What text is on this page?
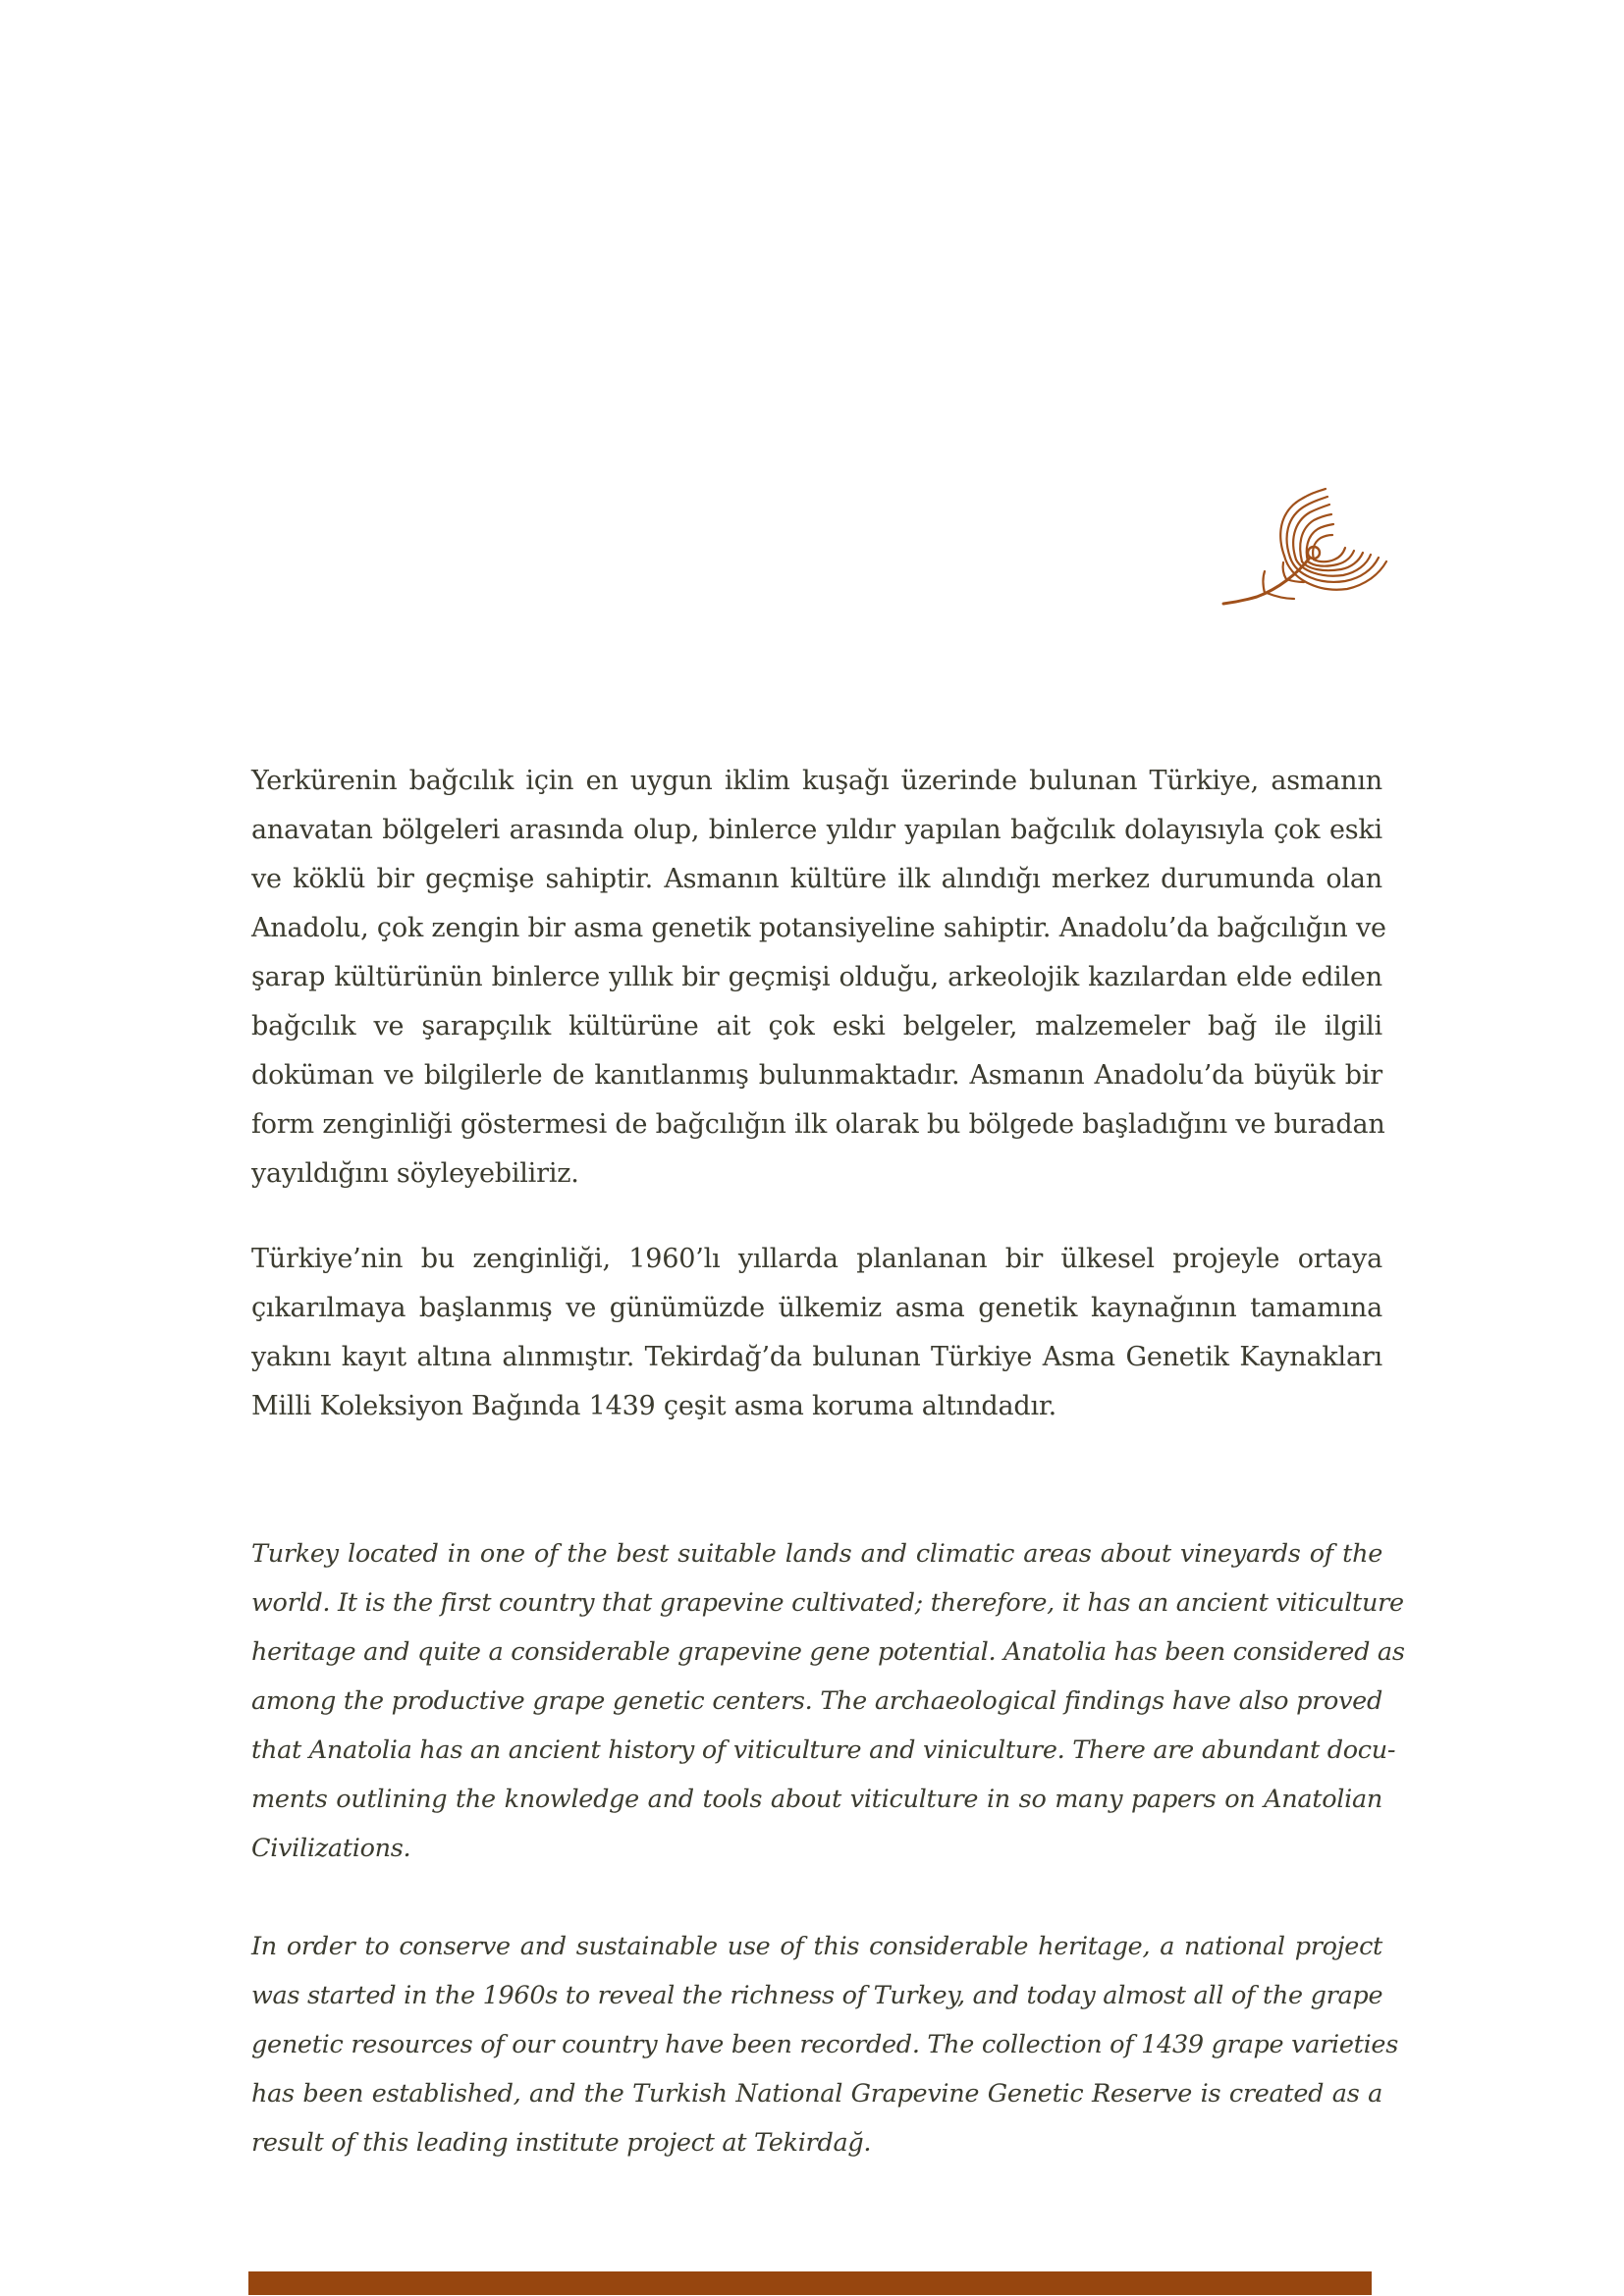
Yerkürenin bağcılık için en uygun iklim kuşağı üzerinde bulunan Türkiye, asmanın
anavatan bölgeleri arasında olup, binlerce yıldır yapılan bağcılık dolayısıyla çok eski
ve köklü bir geçmişe sahiptir. Asmanın kültüre ilk alındığı merkez durumunda olan
Anadolu, çok zengin bir asma genetik potansiyeline sahiptir. Anadolu’da bağcılığın ve
şarap kültürünün binlerce yıllık bir geçmişi olduğu, arkeolojik kazılardan elde edilen
bağcılık ve şarapçılık kültürüne ait çok eski belgeler, malzemeler bağ ile ilgili
doküman ve bilgilerle de kanıtlanmış bulunmaktadır. Asmanın Anadolu’da büyük bir
form zenginliği göstermesi de bağcılığın ilk olarak bu bölgede başladığını ve buradan
yayıldığını söyleyebiliriz.
Türkiye’nin bu zenginliği, 1960’lı yıllarda planlanan bir ülkesel projeyle ortaya
çıkarılmaya başlanmış ve günümüzde ülkemiz asma genetik kaynağının tamamına
yakını kayıt altına alınmıştır. Tekirdağ’da bulunan Türkiye Asma Genetik Kaynakları
Milli Koleksiyon Bağında 1439 çeşit asma koruma altındadır.
Turkey located in one of the best suitable lands and climatic areas about vineyards of the
world. It is the first country that grapevine cultivated; therefore, it has an ancient viticulture
heritage and quite a considerable grapevine gene potential. Anatolia has been considered as
among the productive grape genetic centers. The archaeological findings have also proved
that Anatolia has an ancient history of viticulture and viniculture. There are abundant docu-
ments outlining the knowledge and tools about viticulture in so many papers on Anatolian
Civilizations.
In order to conserve and sustainable use of this considerable heritage, a national project
was started in the 1960s to reveal the richness of Turkey, and today almost all of the grape
genetic resources of our country have been recorded. The collection of 1439 grape varieties
has been established, and the Turkish National Grapevine Genetic Reserve is created as a
result of this leading institute project at Tekirdağ.
